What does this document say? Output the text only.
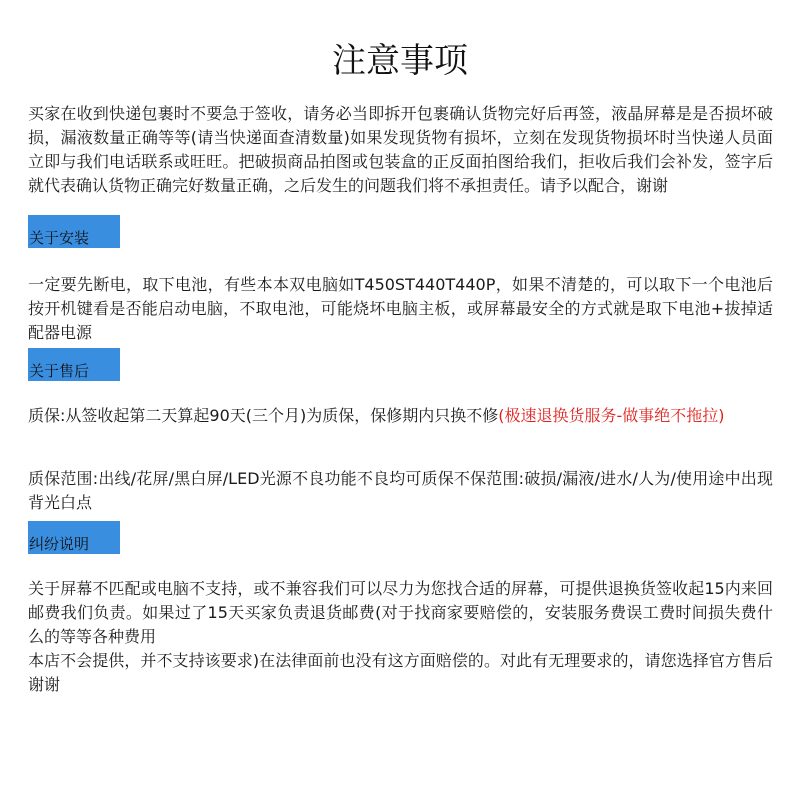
注意事项
买家在收到快递包裹时不要急于签收，请务必当即拆开包裹确认货物完好后再签，液晶屏幕是是否损坏破损，漏液数量正确等等(请当快递面查清数量)如果发现货物有损坏，立刻在发现货物损坏时当快递人员面立即与我们电话联系或旺旺。把破损商品拍图或包装盒的正反面拍图给我们，拒收后我们会补发，签字后就代表确认货物正确完好数量正确，之后发生的问题我们将不承担责任。请予以配合，谢谢
关于安装
一定要先断电，取下电池，有些本本双电脑如T450ST440T440P，如果不清楚的，可以取下一个电池后按开机键看是否能启动电脑，不取电池，可能烧坏电脑主板，或屏幕最安全的方式就是取下电池+拔掉适配器电源
关于售后
质保:从签收起第二天算起90天(三个月)为质保，保修期内只换不修(极速退换货服务-做事绝不拖拉)
质保范围:出线/花屏/黑白屏/LED光源不良功能不良均可质保不保范围:破损/漏液/进水/人为/使用途中出现背光白点
纠纷说明
关于屏幕不匹配或电脑不支持，或不兼容我们可以尽力为您找合适的屏幕，可提供退换货签收起15内来回邮费我们负责。如果过了15天买家负责退货邮费(对于找商家要赔偿的，安装服务费误工费时间损失费什么的等等各种费用
本店不会提供，并不支持该要求)在法律面前也没有这方面赔偿的。对此有无理要求的，请您选择官方售后谢谢
